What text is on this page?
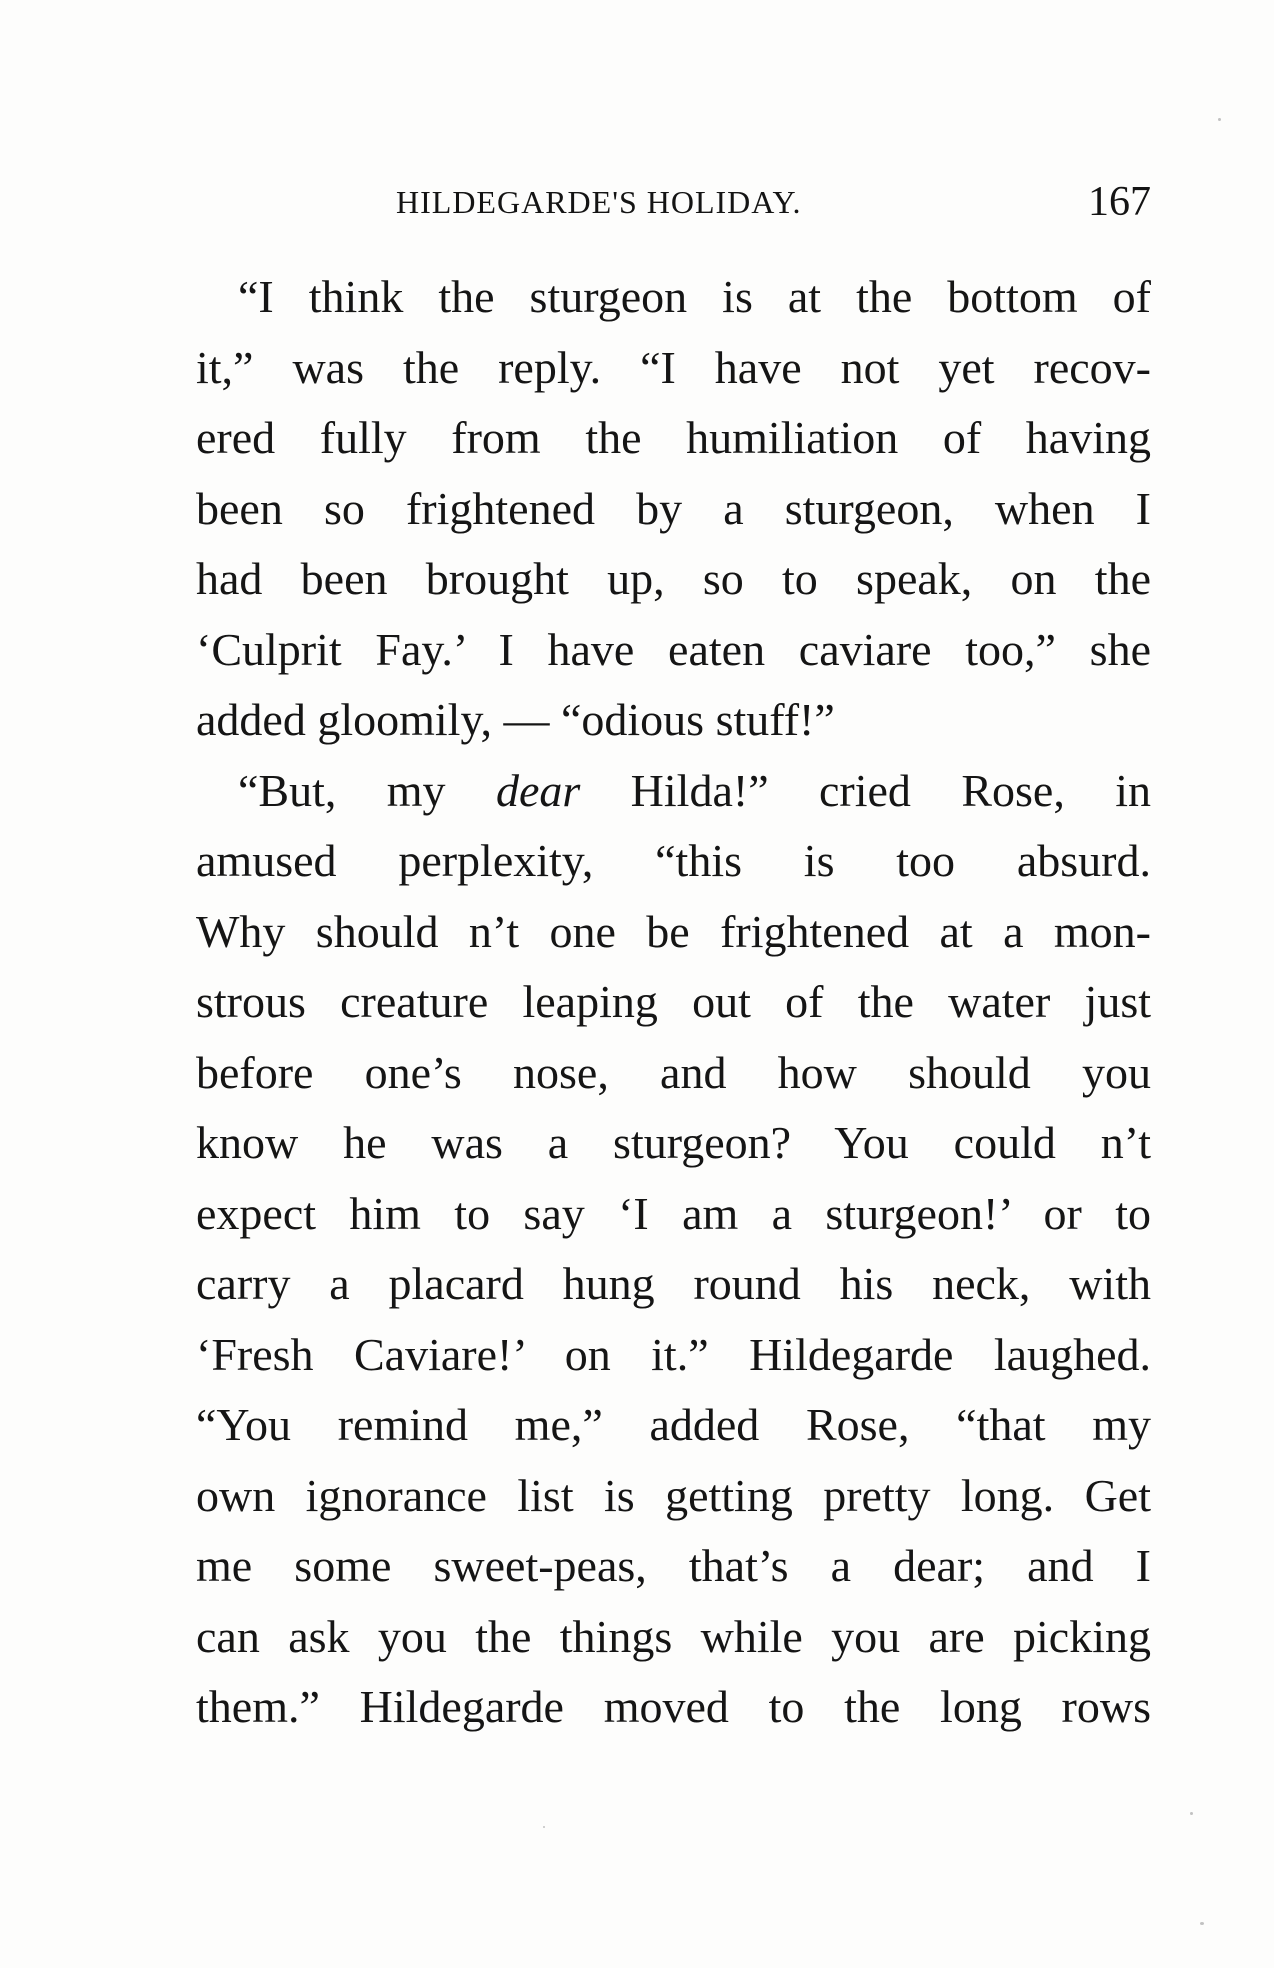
HILDEGARDE'S HOLIDAY.	167
“I think the sturgeon is at the bottom of
it,” was the reply. “I have not yet recov-
ered fully from the humiliation of having
been so frightened by a sturgeon, when I
had been brought up, so to speak, on the
‘Culprit Fay.’ I have eaten caviare too,” she
added gloomily, — “odious stuff!”
“But, my dear Hilda!” cried Rose, in
amused perplexity, “this is too absurd.
Why should n’t one be frightened at a mon-
strous creature leaping out of the water just
before one’s nose, and how should you
know he was a sturgeon? You could n’t
expect him to say ‘I am a sturgeon!’ or to
carry a placard hung round his neck, with
‘Fresh Caviare!’ on it.” Hildegarde laughed.
“You remind me,” added Rose, “that my
own ignorance list is getting pretty long. Get
me some sweet-peas, that’s a dear; and I
can ask you the things while you are picking
them.” Hildegarde moved to the long rows
